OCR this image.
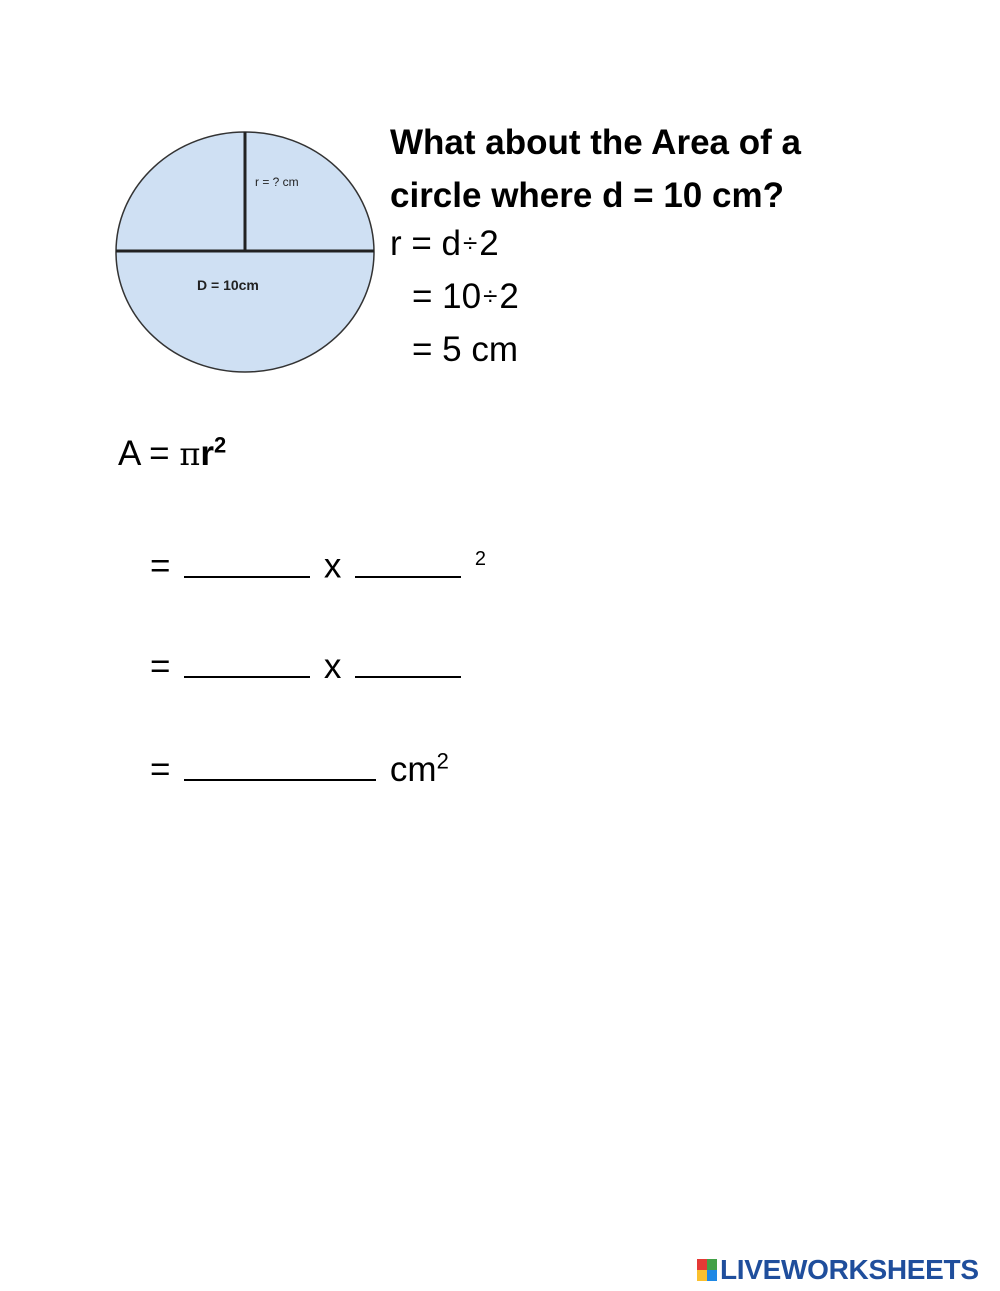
r = ? cm
D = 10cm
What about the Area of a
circle where d = 10 cm?
r = d÷2
= 10÷2
= 5 cm
$A = \pi r^2$
=	x	$^2$
=	x
=	$cm^2$
LIVEWORKSHEETS
